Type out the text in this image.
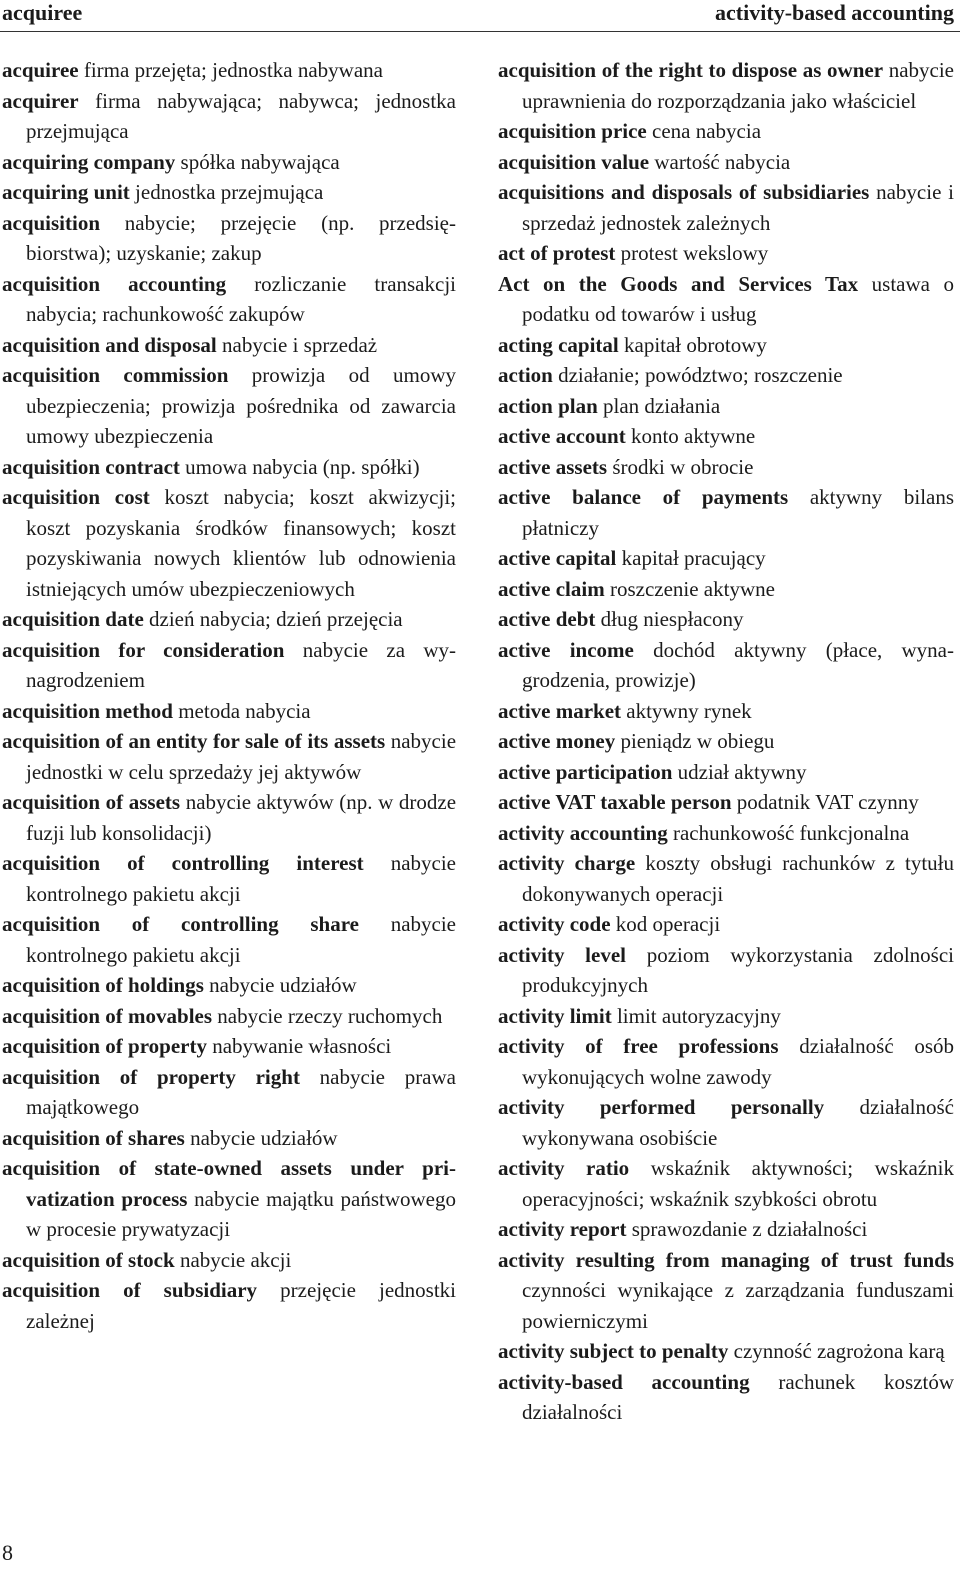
acquiree	activity-based accounting

acquiree firma przejęta; jednostka nabywana

acquirer firma nabywająca; nabywca; jednostka przejmująca

acquiring company spółka nabywająca

acquiring unit jednostka przejmująca

acquisition nabycie; przejęcie (np. przedsiębiorstwa); uzyskanie; zakup

acquisition accounting rozliczanie transakcji nabycia; rachunkowość zakupów

acquisition and disposal nabycie i sprzedaż

acquisition commission prowizja od umowy ubezpieczenia; prowizja pośrednika od zawarcia umowy ubezpieczenia

acquisition contract umowa nabycia (np. spółki)

acquisition cost koszt nabycia; koszt akwizycji; koszt pozyskania środków finansowych; koszt pozyskiwania nowych klientów lub odnowienia istniejących umów ubezpieczeniowych

acquisition date dzień nabycia; dzień przejęcia

acquisition for consideration nabycie za wynagrodzeniem

acquisition method metoda nabycia

acquisition of an entity for sale of its assets nabycie jednostki w celu sprzedaży jej aktywów

acquisition of assets nabycie aktywów (np. w drodze fuzji lub konsolidacji)

acquisition of controlling interest nabycie kontrolnego pakietu akcji

acquisition of controlling share nabycie kontrolnego pakietu akcji

acquisition of holdings nabycie udziałów

acquisition of movables nabycie rzeczy ruchomych

acquisition of property nabywanie własności

acquisition of property right nabycie prawa majątkowego

acquisition of shares nabycie udziałów

acquisition of state-owned assets under privatization process nabycie majątku państwowego w procesie prywatyzacji

acquisition of stock nabycie akcji

acquisition of subsidiary przejęcie jednostki zależnej

acquisition of the right to dispose as owner nabycie uprawnienia do rozporządzania jako właściciel

acquisition price cena nabycia

acquisition value wartość nabycia

acquisitions and disposals of subsidiaries nabycie i sprzedaż jednostek zależnych

act of protest protest wekslowy

Act on the Goods and Services Tax ustawa o podatku od towarów i usług

acting capital kapitał obrotowy

action działanie; powództwo; roszczenie

action plan plan działania

active account konto aktywne

active assets środki w obrocie

active balance of payments aktywny bilans płatniczy

active capital kapitał pracujący

active claim roszczenie aktywne

active debt dług niespłacony

active income dochód aktywny (płace, wynagrodzenia, prowizje)

active market aktywny rynek

active money pieniądz w obiegu

active participation udział aktywny

active VAT taxable person podatnik VAT czynny

activity accounting rachunkowość funkcjonalna

activity charge koszty obsługi rachunków z tytułu dokonywanych operacji

activity code kod operacji

activity level poziom wykorzystania zdolności produkcyjnych

activity limit limit autoryzacyjny

activity of free professions działalność osób wykonujących wolne zawody

activity performed personally działalność wykonywana osobiście

activity ratio wskaźnik aktywności; wskaźnik operacyjności; wskaźnik szybkości obrotu

activity report sprawozdanie z działalności

activity resulting from managing of trust funds czynności wynikające z zarządzania funduszami powierniczymi

activity subject to penalty czynność zagrożona karą

activity-based accounting rachunek kosztów działalności

8
